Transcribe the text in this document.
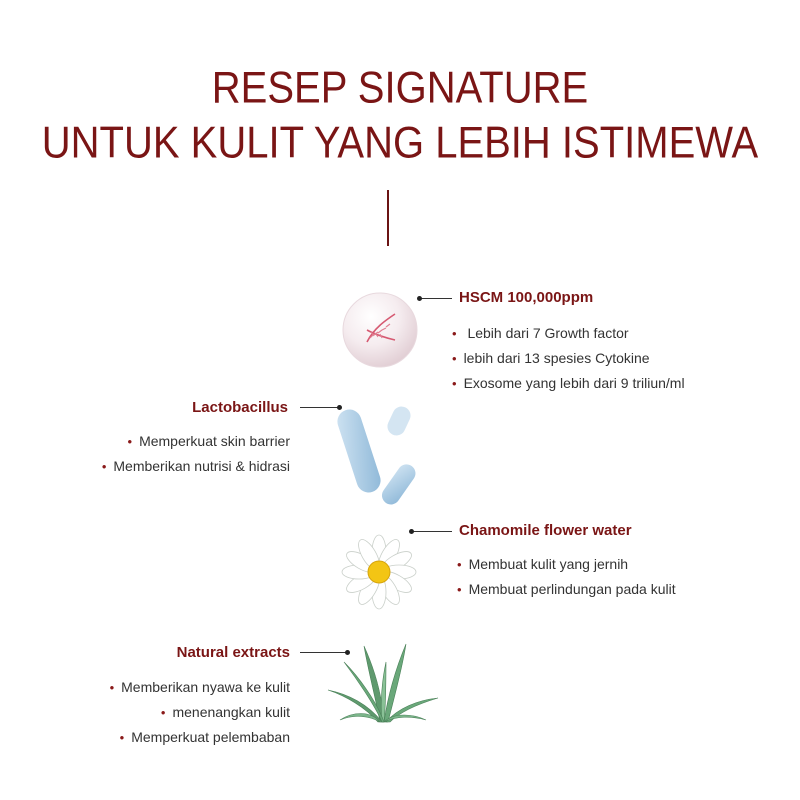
RESEP SIGNATURE
UNTUK KULIT YANG LEBIH ISTIMEWA
HSCM 100,000ppm
• Lebih dari 7 Growth factor
• lebih dari 13 spesies Cytokine
• Exosome yang lebih dari 9 triliun/ml
Lactobacillus
• Memperkuat skin barrier
• Memberikan nutrisi & hidrasi
Chamomile flower water
• Membuat kulit yang jernih
• Membuat perlindungan pada kulit
Natural extracts
• Memberikan nyawa ke kulit
• menenangkan kulit
• Memperkuat pelembaban
